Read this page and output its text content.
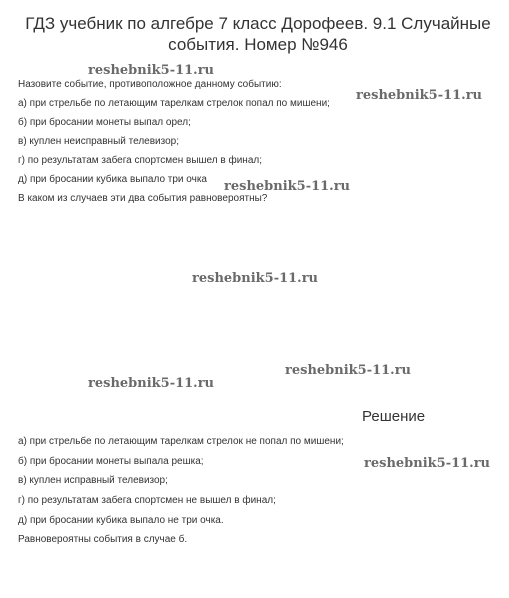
ГДЗ учебник по алгебре 7 класс Дорофеев. 9.1 Случайные события. Номер №946
Назовите событие, противоположное данному событию:
а) при стрельбе по летающим тарелкам стрелок попал по мишени;
б) при бросании монеты выпал орел;
в) куплен неисправный телевизор;
г) по результатам забега спортсмен вышел в финал;
д) при бросании кубика выпало три очка
В каком из случаев эти два события равновероятны?
Решение
а) при стрельбе по летающим тарелкам стрелок не попал по мишени;
б) при бросании монеты выпала решка;
в) куплен исправный телевизор;
г) по результатам забега спортсмен не вышел в финал;
д) при бросании кубика выпало не три очка.
Равновероятны события в случае б.
reshebnik5-11.ru
reshebnik5-11.ru
reshebnik5-11.ru
reshebnik5-11.ru
reshebnik5-11.ru
reshebnik5-11.ru
reshebnik5-11.ru
